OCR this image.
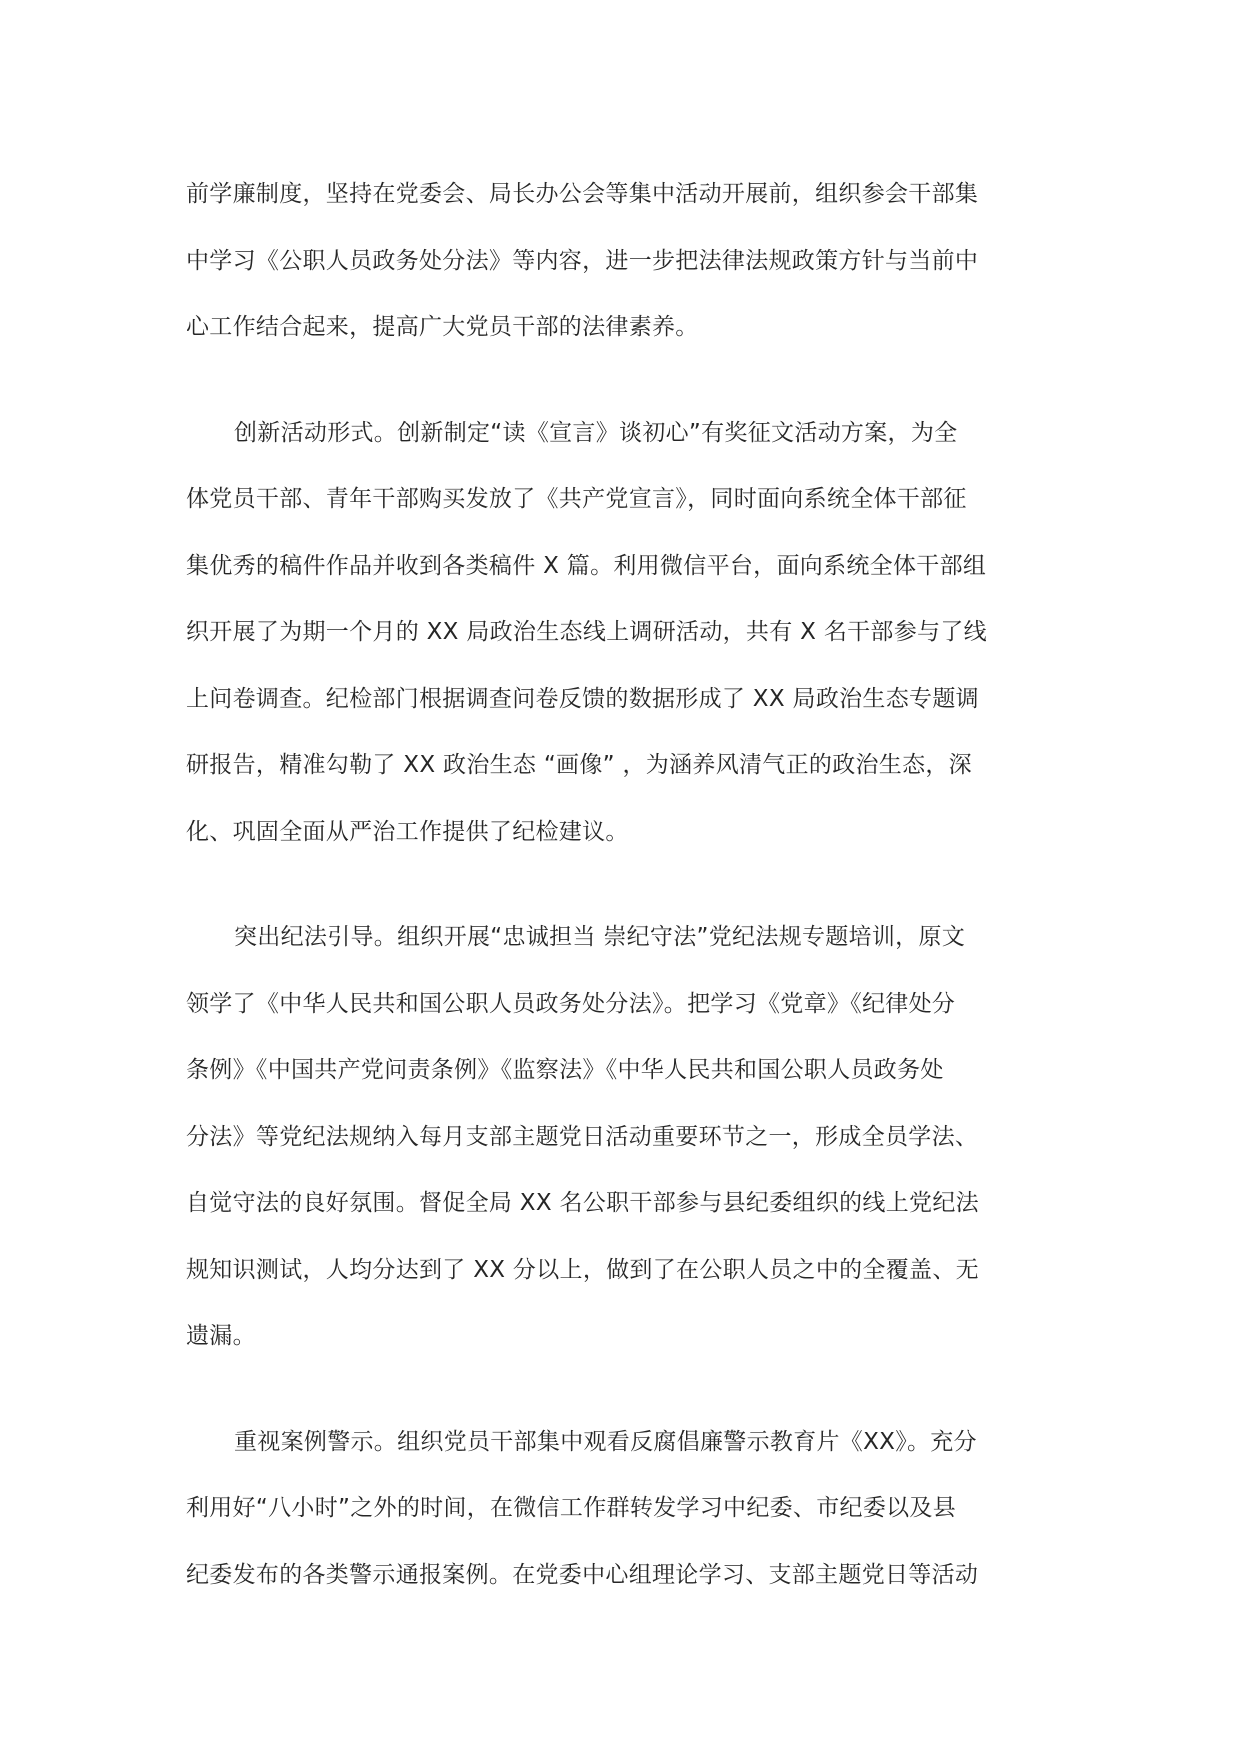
前学廉制度，坚持在党委会、局长办公会等集中活动开展前，组织参会干部集
中学习《公职人员政务处分法》等内容，进一步把法律法规政策方针与当前中
心工作结合起来，提高广大党员干部的法律素养。
创新活动形式。创新制定“读《宣言》谈初心”有奖征文活动方案，为全
体党员干部、青年干部购买发放了《共产党宣言》，同时面向系统全体干部征
集优秀的稿件作品并收到各类稿件 X 篇。利用微信平台，面向系统全体干部组
织开展了为期一个月的 XX 局政治生态线上调研活动，共有 X 名干部参与了线
上问卷调查。纪检部门根据调查问卷反馈的数据形成了 XX 局政治生态专题调
研报告，精准勾勒了 XX 政治生态 “画像” ，为涵养风清气正的政治生态，深
化、巩固全面从严治工作提供了纪检建议。
突出纪法引导。组织开展“忠诚担当 崇纪守法”党纪法规专题培训，原文
领学了《中华人民共和国公职人员政务处分法》。把学习《党章》《纪律处分
条例》《中国共产党问责条例》《监察法》《中华人民共和国公职人员政务处
分法》等党纪法规纳入每月支部主题党日活动重要环节之一，形成全员学法、
自觉守法的良好氛围。督促全局 XX 名公职干部参与县纪委组织的线上党纪法
规知识测试，人均分达到了 XX 分以上，做到了在公职人员之中的全覆盖、无
遗漏。
重视案例警示。组织党员干部集中观看反腐倡廉警示教育片《XX》。充分
利用好“八小时”之外的时间，在微信工作群转发学习中纪委、市纪委以及县
纪委发布的各类警示通报案例。在党委中心组理论学习、支部主题党日等活动
